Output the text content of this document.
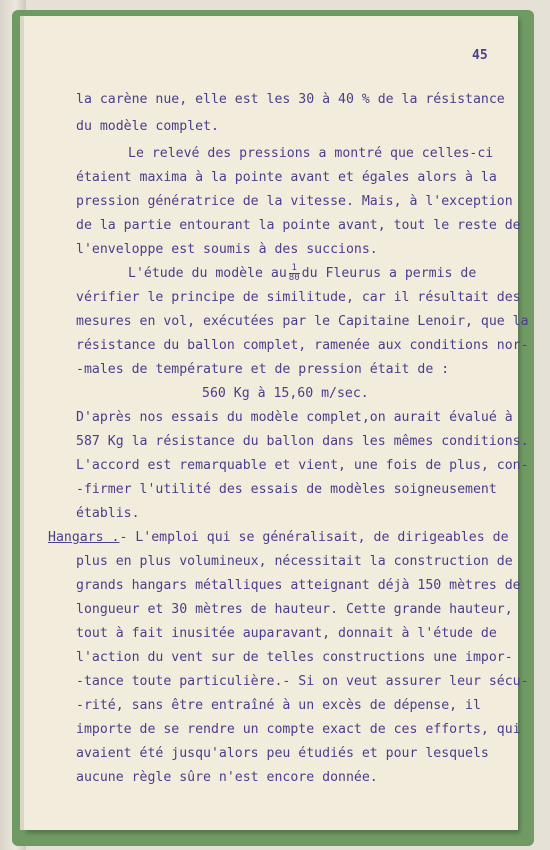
45
la carène nue, elle est les 30 à 40 % de la résistance
du modèle complet.
Le relevé des pressions a montré que celles-ci
étaient maxima à la pointe avant et égales alors à la
pression génératrice de la vitesse. Mais, à l'exception
de la partie entourant la pointe avant, tout le reste de
l'enveloppe est soumis à des succions.
L'étude du modèle au $\frac{1}{80}$ du Fleurus a permis de
vérifier le principe de similitude, car il résultait des
mesures en vol, exécutées par le Capitaine Lenoir, que la
résistance du ballon complet, ramenée aux conditions nor-
-males de température et de pression était de :
560 Kg à 15,60 m/sec.
D'après nos essais du modèle complet,on aurait évalué à
587 Kg la résistance du ballon dans les mêmes conditions.
L'accord est remarquable et vient, une fois de plus, con-
-firmer l'utilité des essais de modèles soigneusement
établis.
Hangars .- L'emploi qui se généralisait, de dirigeables de
plus en plus volumineux, nécessitait la construction de
grands hangars métalliques atteignant déjà 150 mètres de
longueur et 30 mètres de hauteur. Cette grande hauteur,
tout à fait inusitée auparavant, donnait à l'étude de
l'action du vent sur de telles constructions une impor-
-tance toute particulière.- Si on veut assurer leur sécu-
-rité, sans être entraîné à un excès de dépense, il
importe de se rendre un compte exact de ces efforts, qui
avaient été jusqu'alors peu étudiés et pour lesquels
aucune règle sûre n'est encore donnée.
